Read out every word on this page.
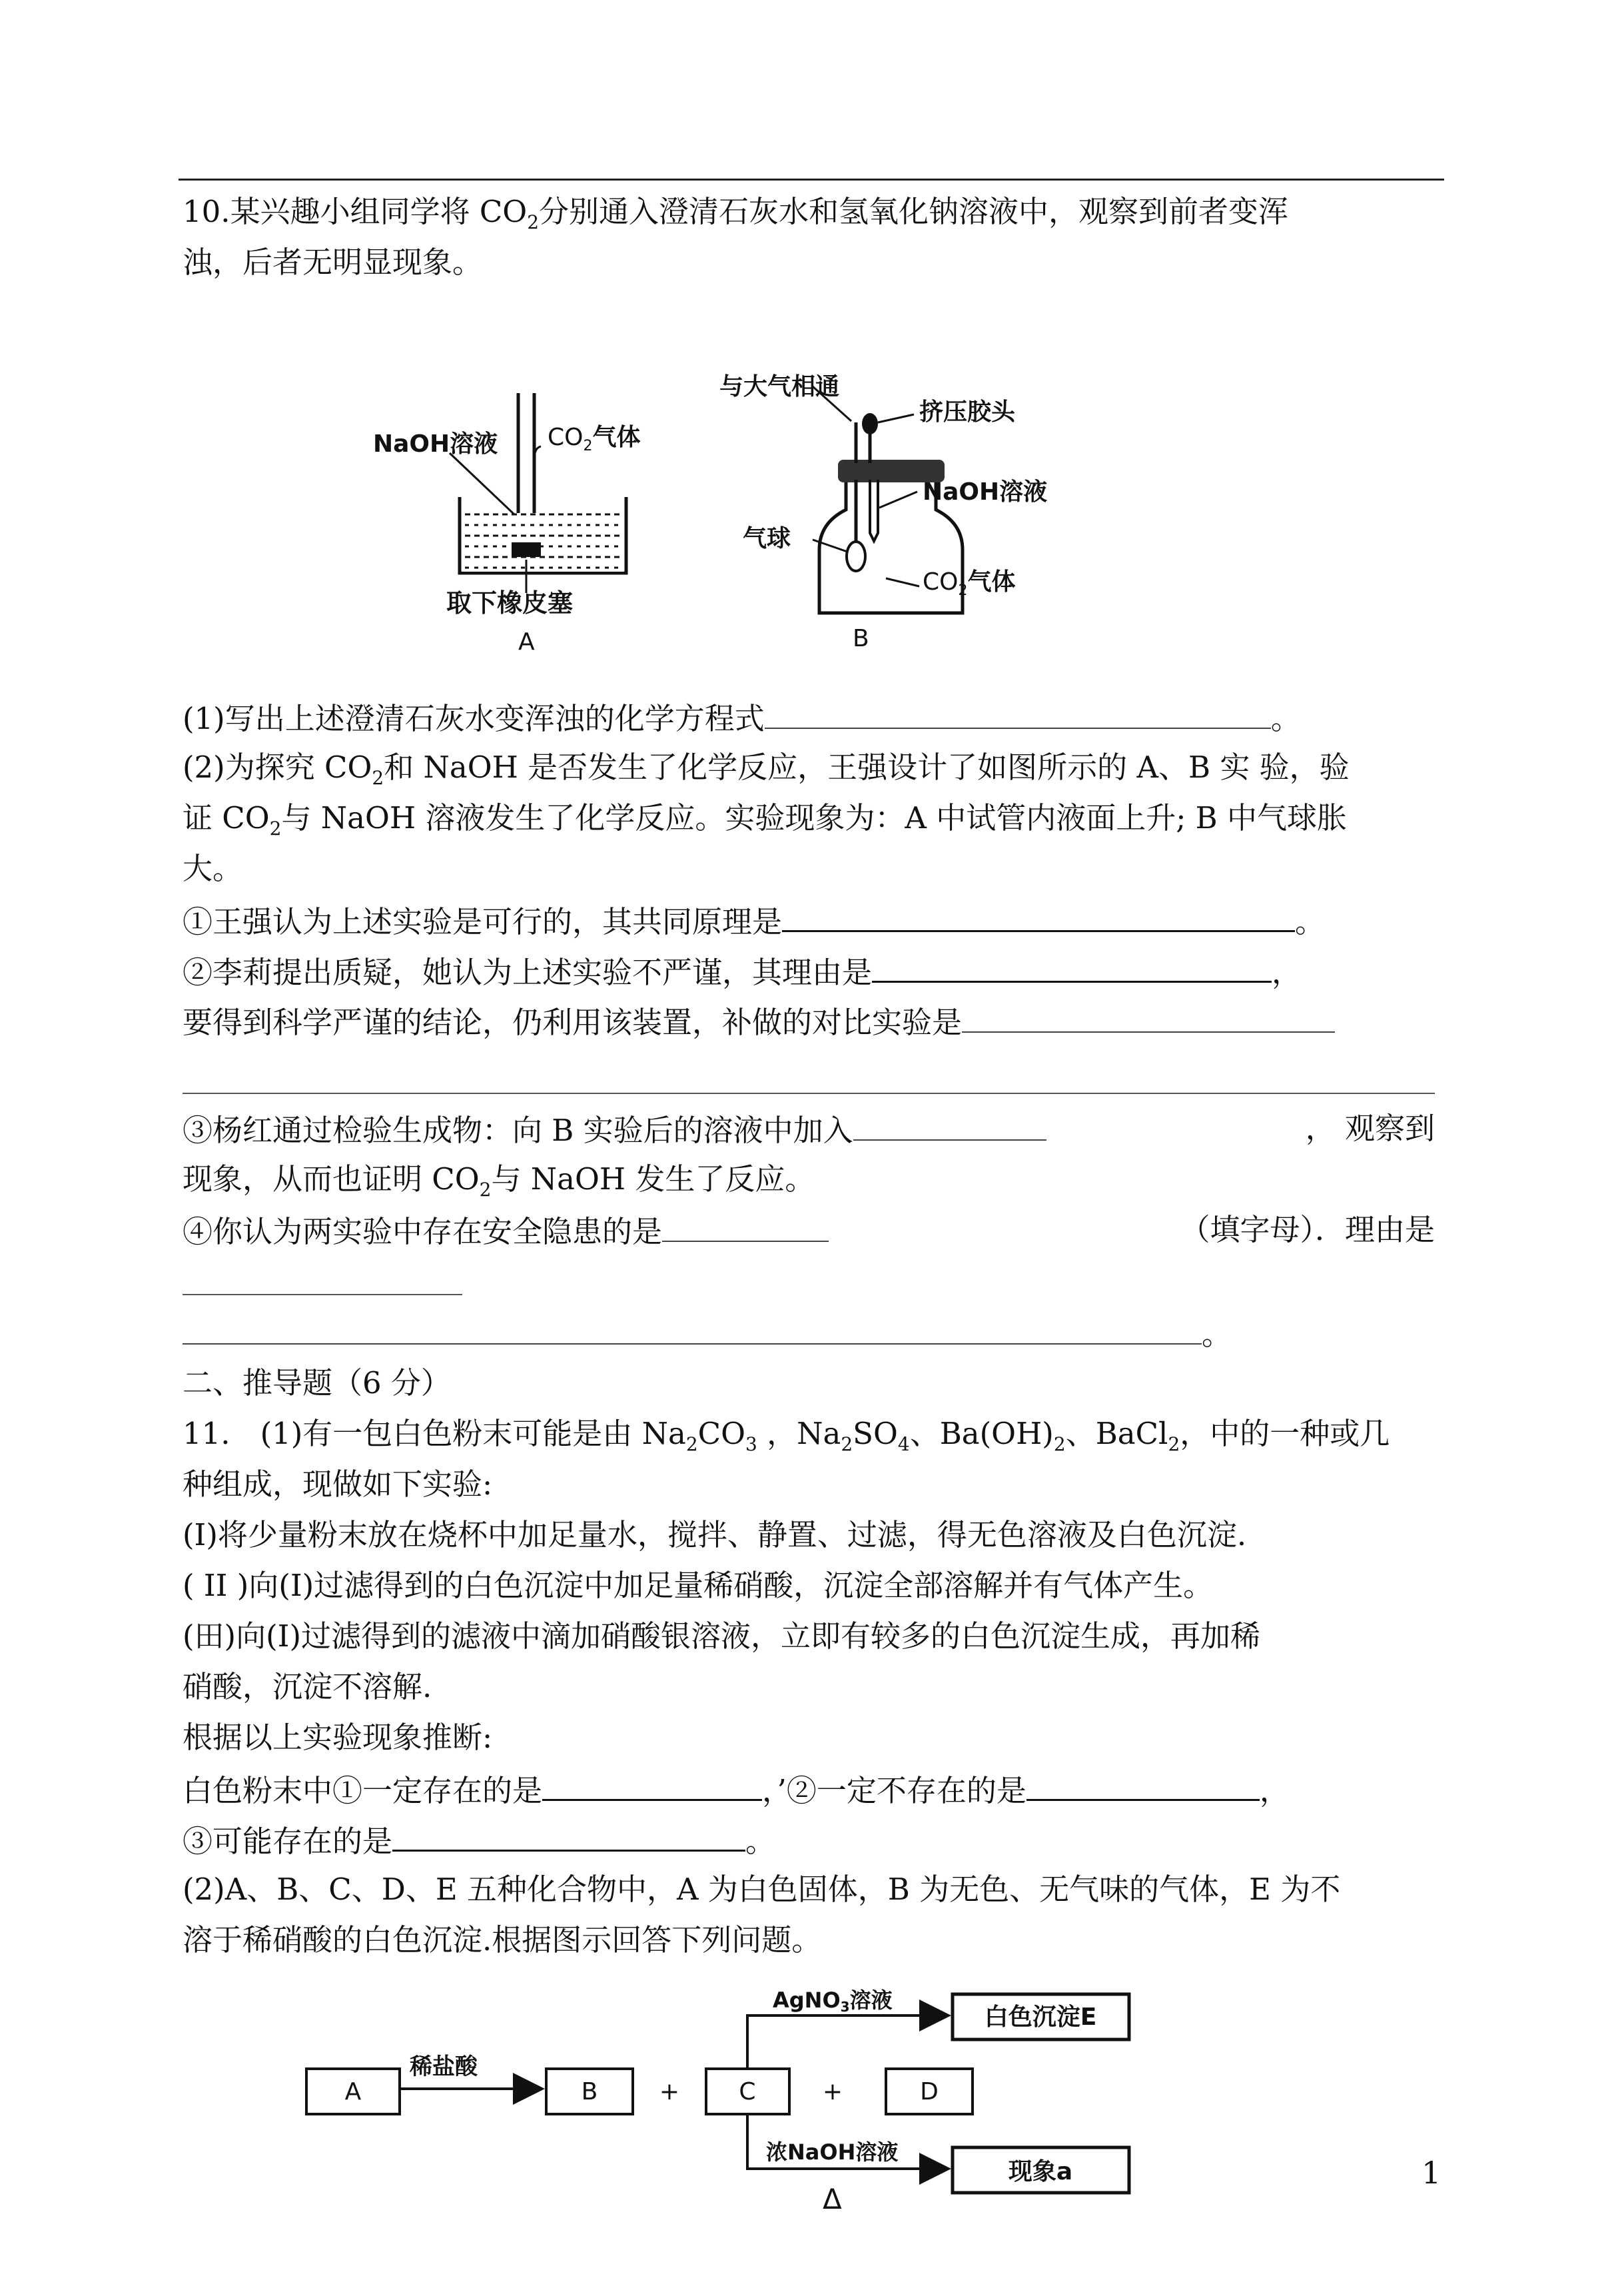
10.某兴趣小组同学将 $CO_2$分别通入澄清石灰水和氢氧化钠溶液中，观察到前者变浑
浊，后者无明显现象。
NaOH溶液 $CO_2$气体
取下橡皮塞
A
与大气相通
挤压胶头
NaOH溶液
气球
$CO_2$气体
B
(1)写出上述澄清石灰水变浑浊的化学方程式	。
(2)为探究 $CO_2$和 NaOH 是否发生了化学反应，王强设计了如图所示的 A、B 实 验，验
证 $CO_2$与 NaOH 溶液发生了化学反应。实验现象为：A 中试管内液面上升; B 中气球胀
大。
①王强认为上述实验是可行的，其共同原理是	。
②李莉提出质疑，她认为上述实验不严谨，其理由是	，
要得到科学严谨的结论，仍利用该装置，补做的对比实验是
③杨红通过检验生成物：向 B 实验后的溶液中加入	， 观察到
现象，从而也证明 $CO_2$与 NaOH 发生了反应。
④你认为两实验中存在安全隐患的是	（填字母）．理由是
。
二、推导题（6 分）
11.　(1)有一包白色粉末可能是由 $Na_2CO_3$ ，$Na_2SO_4$、$Ba(OH)_2$、BaCl$_2$，中的一种或几
种组成，现做如下实验:
(I)将少量粉末放在烧杯中加足量水，搅拌、静置、过滤，得无色溶液及白色沉淀.
( II )向(I)过滤得到的白色沉淀中加足量稀硝酸，沉淀全部溶解并有气体产生。
(田)向(I)过滤得到的滤液中滴加硝酸银溶液，立即有较多的白色沉淀生成，再加稀
硝酸，沉淀不溶解.
根据以上实验现象推断:
白色粉末中①一定存在的是	，’②一定不存在的是	，
③可能存在的是	。
(2)A、B、C、D、E 五种化合物中，A 为白色固体，B 为无色、无气味的气体，E 为不
溶于稀硝酸的白色沉淀.根据图示回答下列问题。
A
稀盐酸
B	+ C	+	D
AgNO3溶液
白色沉淀E
浓NaOH溶液
Δ
现象a	1
